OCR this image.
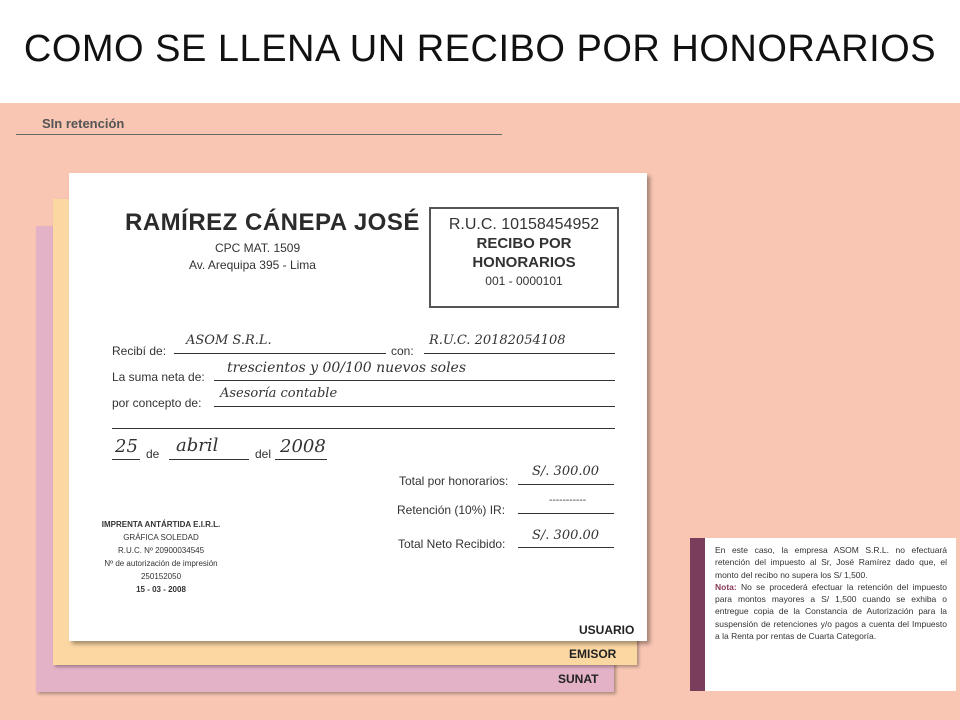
COMO SE LLENA UN RECIBO POR HONORARIOS
SIn retención
SUNAT
EMISOR
RAMÍREZ CÁNEPA JOSÉ
CPC MAT. 1509
Av. Arequipa 395 - Lima
R.U.C. 10158454952
RECIBO POR
HONORARIOS
001 - 0000101
Recibí de:
ASOM S.R.L.
con:
R.U.C. 20182054108
La suma neta de:
trescientos y 00/100 nuevos soles
por concepto de:
Asesoría contable
25 de abril	del 2008
Total por honorarios:
S/. 300.00
Retención (10%) IR:
-----------
Total Neto Recibido:
S/. 300.00
IMPRENTA ANTÁRTIDA E.I.R.L.
GRÁFICA SOLEDAD
R.U.C. Nº 20900034545
Nº de autorización de impresión
250152050
15 - 03 - 2008
USUARIO
En este caso, la empresa ASOM S.R.L. no efectuará retención del impuesto al Sr, José Ramírez dado que, el monto del recibo no supera los S/ 1,500.
Nota: No se procederá efectuar la retención del impuesto para montos mayores a S/ 1,500 cuando se exhiba o entregue copia de la Constancia de Autorización para la suspensión de retenciones y/o pagos a cuenta del Impuesto a la Renta por rentas de Cuarta Categoría.
